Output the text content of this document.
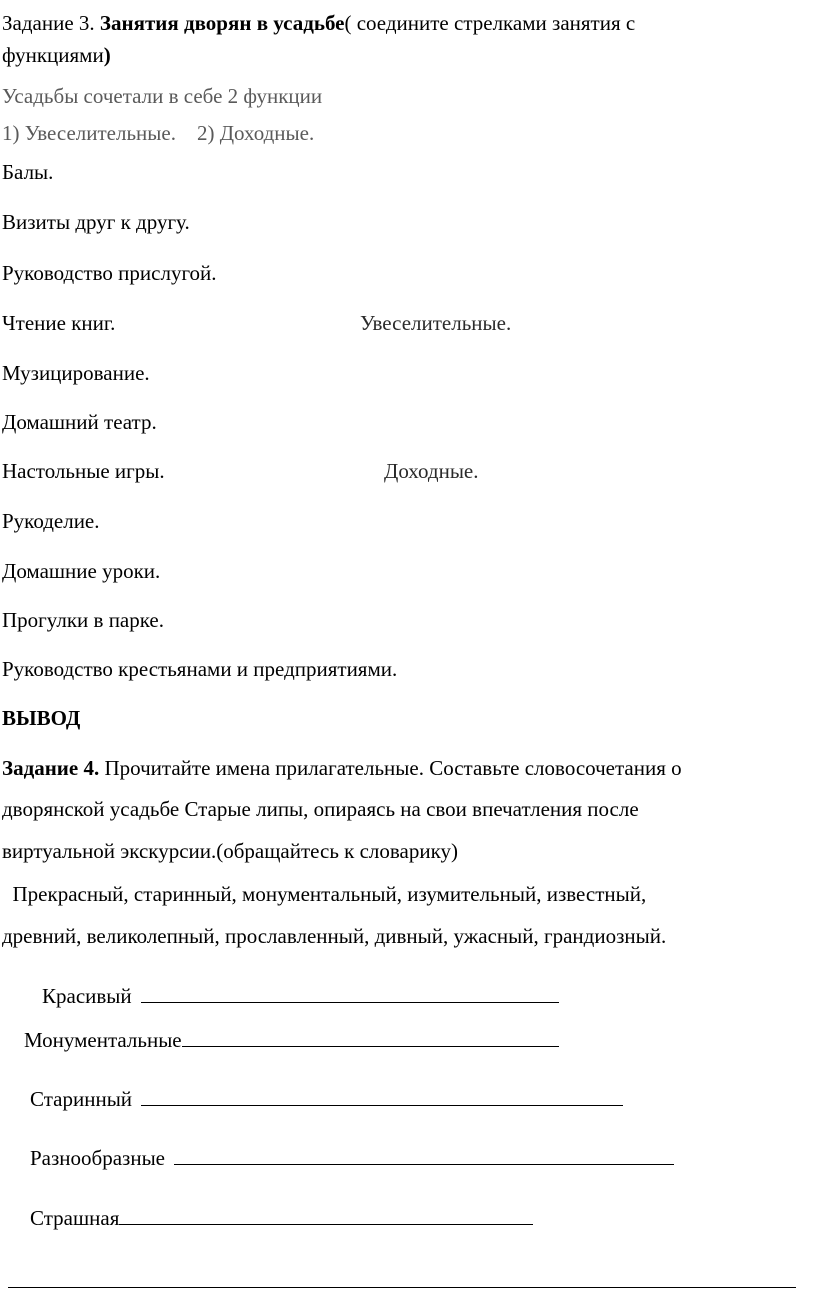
Задание 3. Занятия дворян в усадьбе( соедините стрелками занятия с
функциями)
Усадьбы сочетали в себе 2 функции
1) Увеселительные.    2) Доходные.
Балы.
Визиты друг к другу.
Руководство прислугой.
Чтение книг.
Музицирование.
Домашний театр.
Настольные игры.
Рукоделие.
Домашние уроки.
Прогулки в парке.
Руководство крестьянами и предприятиями.
Увеселительные.
Доходные.
ВЫВОД
Задание 4. Прочитайте имена прилагательные. Составьте словосочетания о
дворянской усадьбе Старые липы, опираясь на свои впечатления после
виртуальной экскурсии.(обращайтесь к словарику)
Прекрасный, старинный, монументальный, изумительный, известный,
древний, великолепный, прославленный, дивный, ужасный, грандиозный.
Красивый
Монументальные
Старинный
Разнообразные
Страшная
